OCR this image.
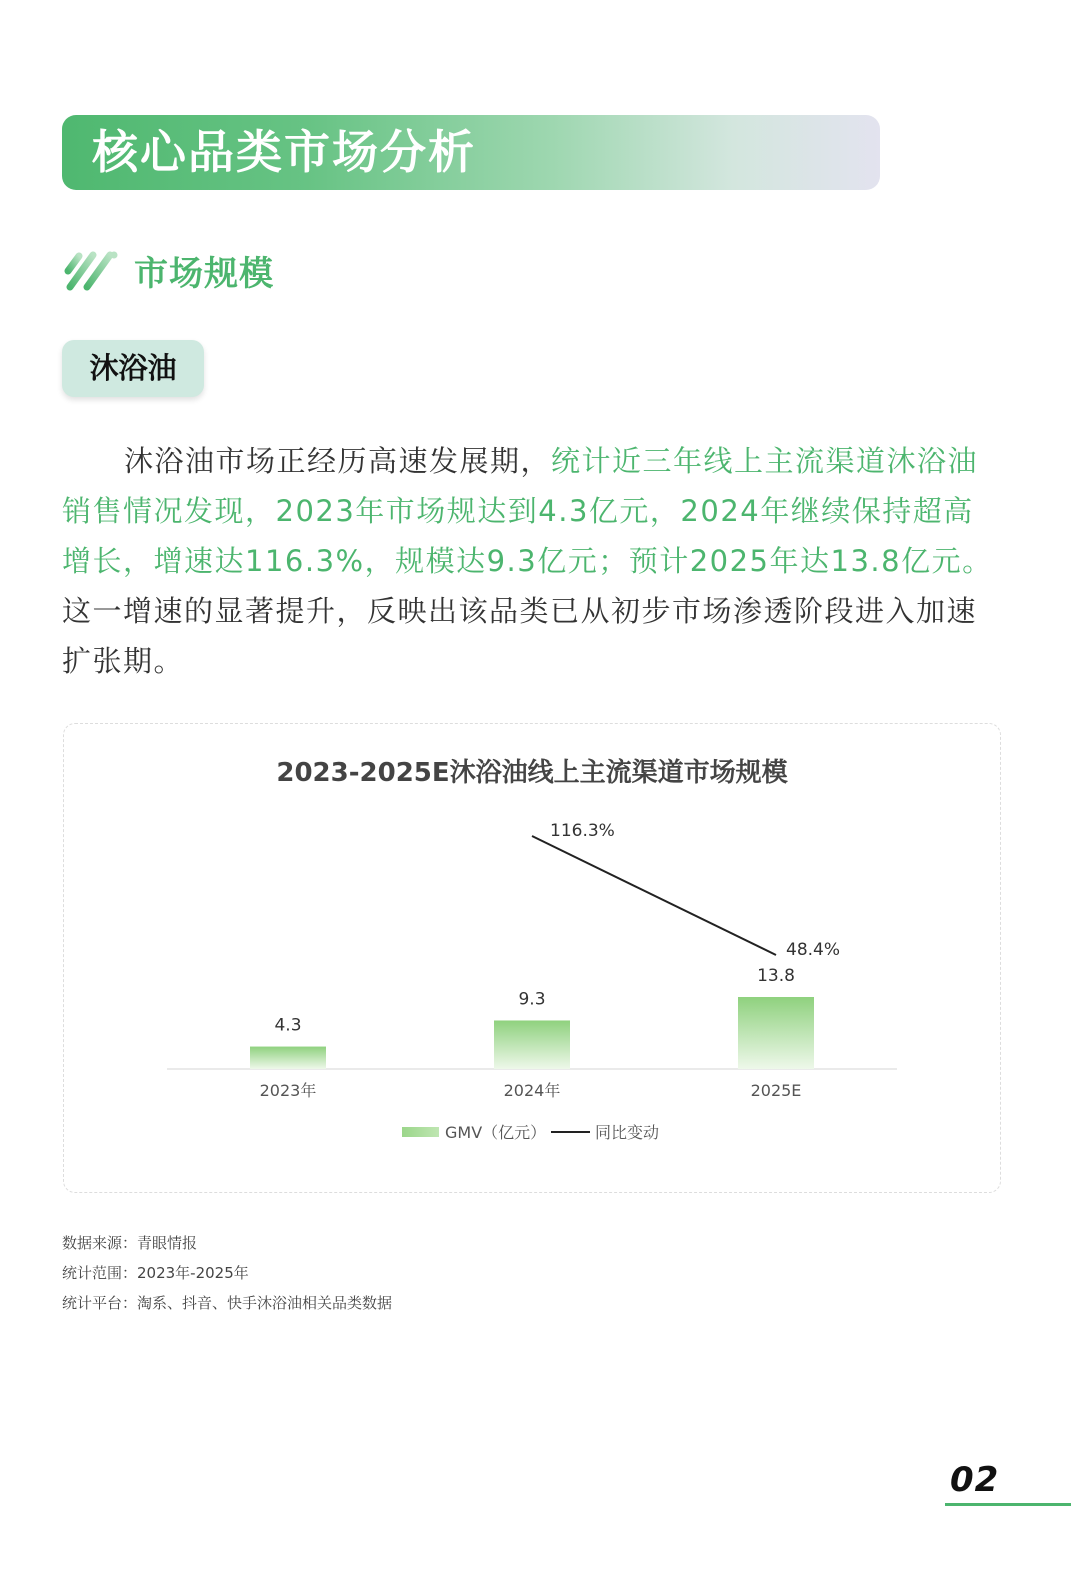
核心品类市场分析
市场规模
沐浴油

沐浴油市场正经历高速发展期，统计近三年线上主流渠道沐浴油销售情况发现，2023年市场规达到4.3亿元，2024年继续保持超高增长，增速达116.3%，规模达9.3亿元；预计2025年达13.8亿元。这一增速的显著提升，反映出该品类已从初步市场渗透阶段进入加速扩张期。

2023-2025E沐浴油线上主流渠道市场规模
4.3
2023年
9.3
2024年
13.8
2025E
116.3%
48.4%
GMV（亿元）	同比变动
数据来源：青眼情报
统计范围：2023年-2025年
统计平台：淘系、抖音、快手沐浴油相关品类数据
02
